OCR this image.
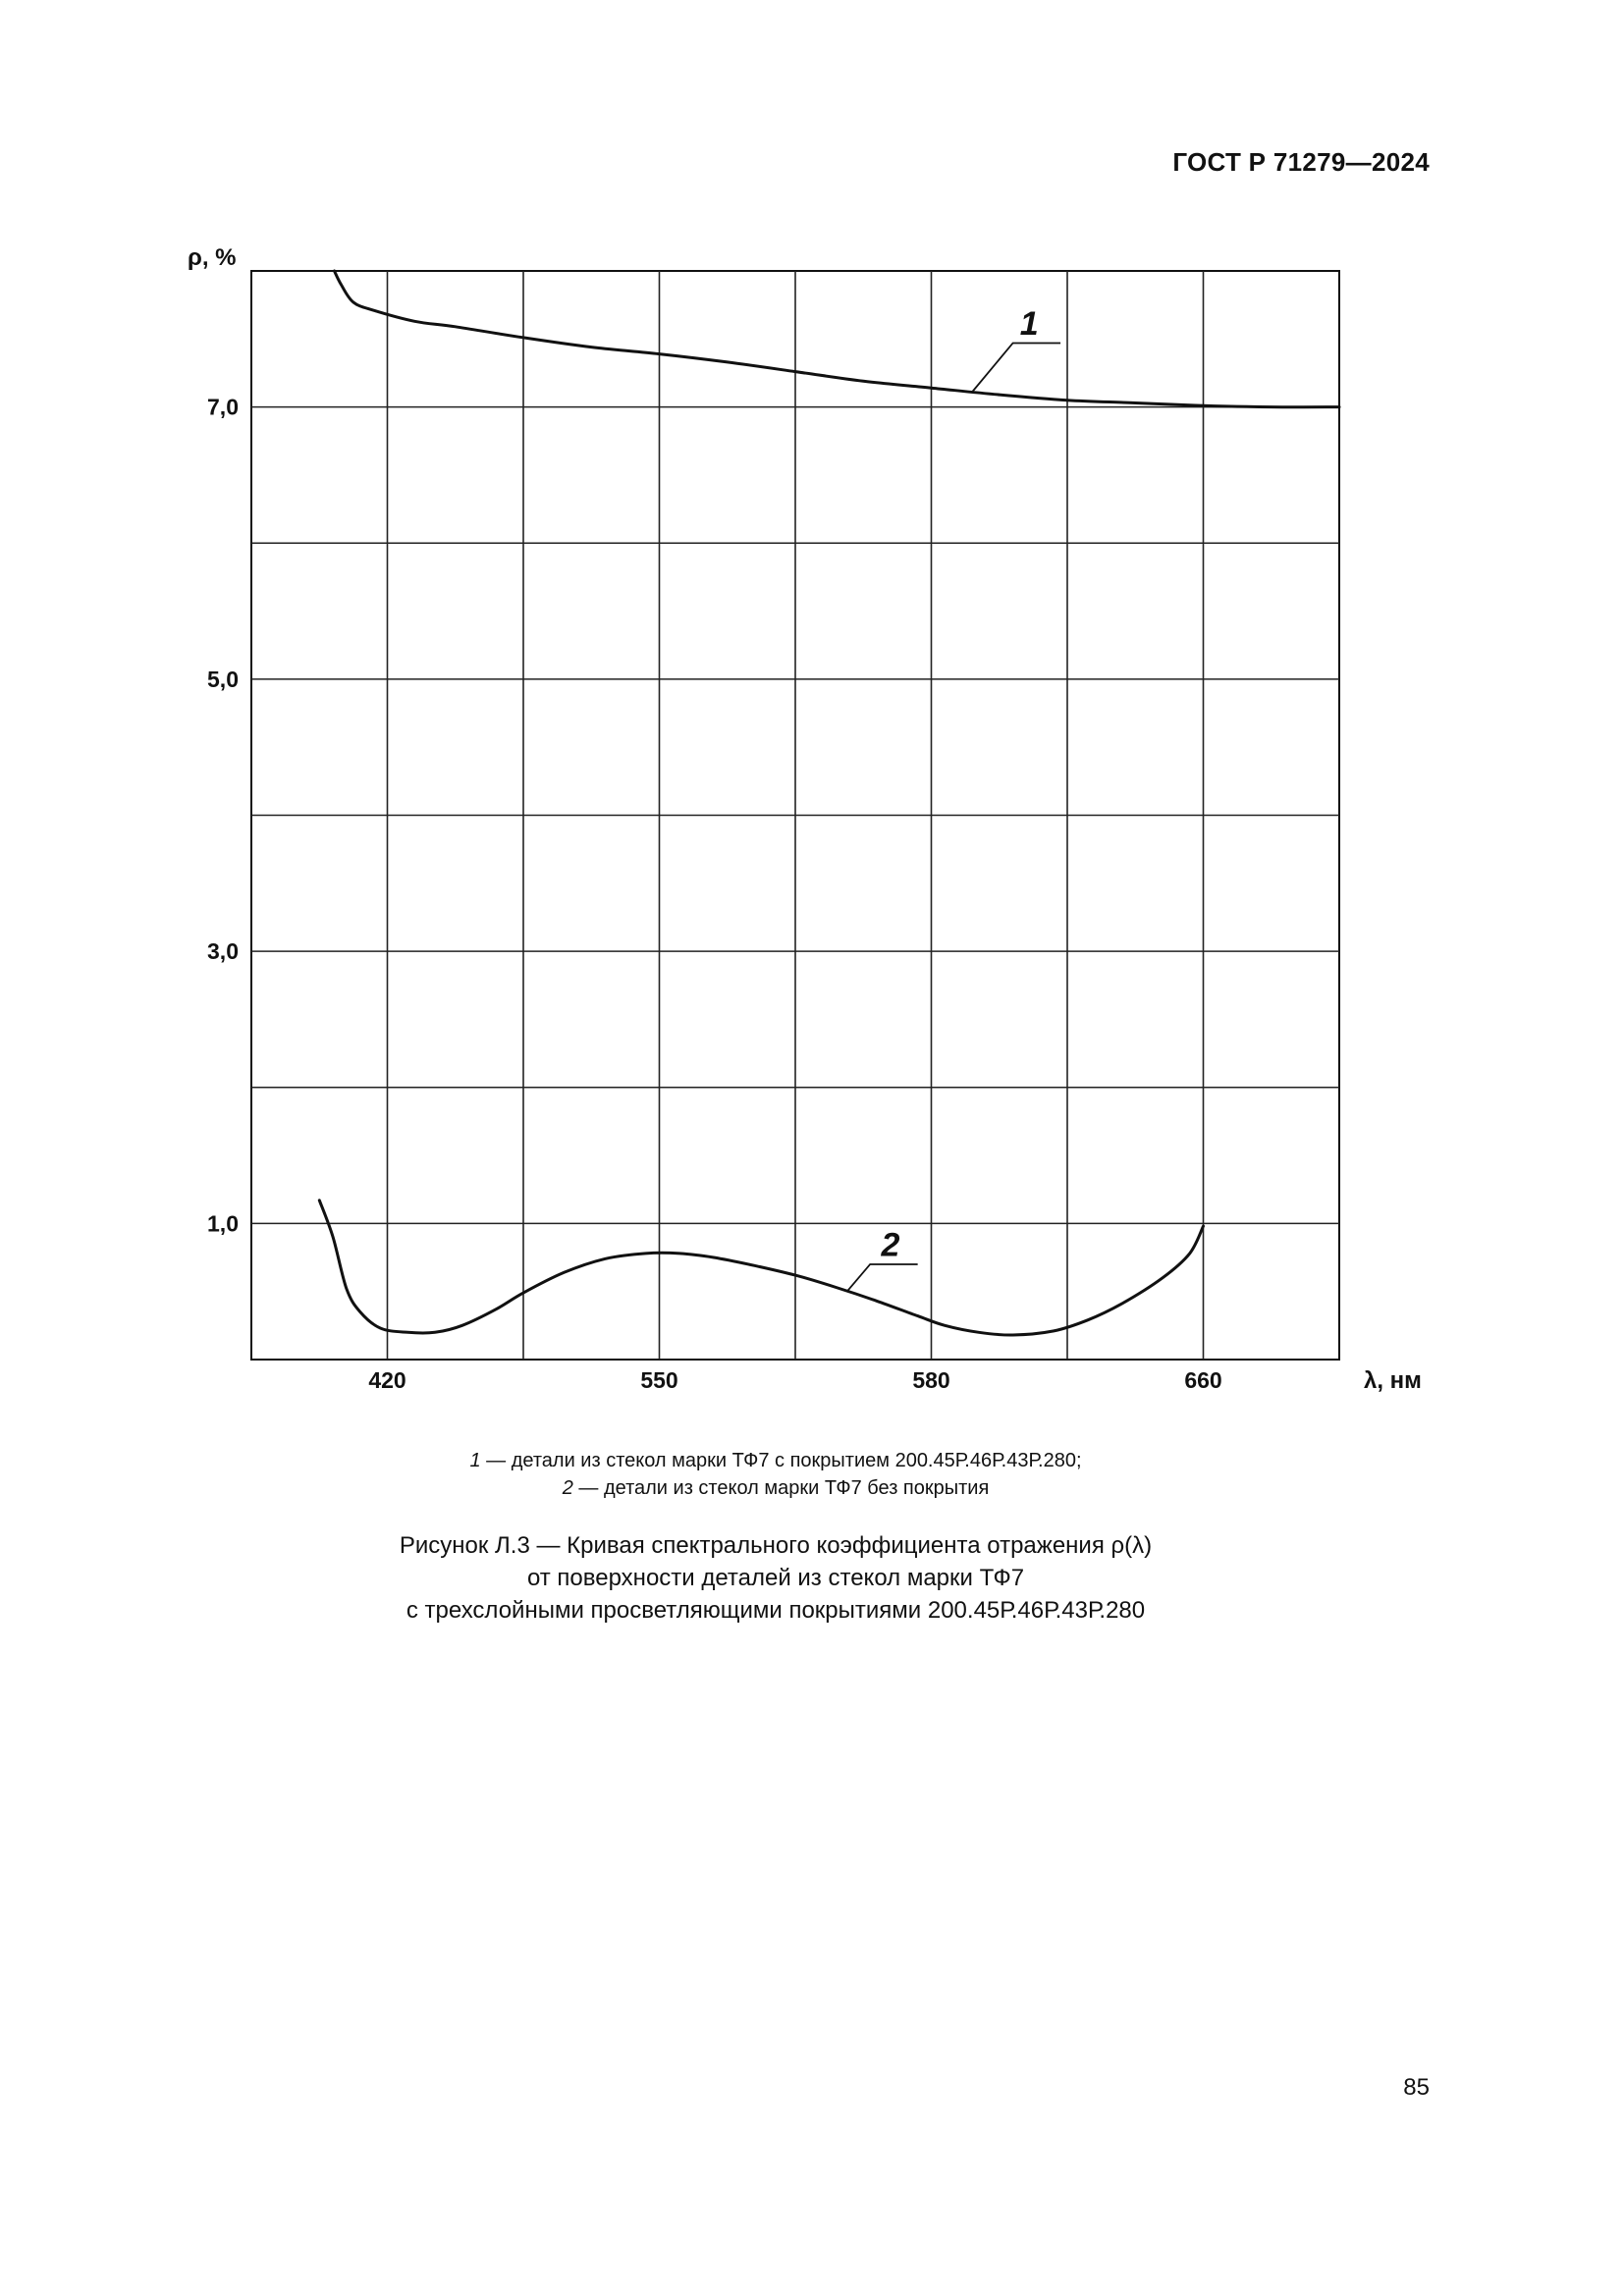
ГОСТ Р 71279—2024
1,0
3,0
5,0
7,0
420	550	580	660
ρ, %
λ, нм
1
2
1 — детали из стекол марки ТФ7 с покрытием 200.45Р.46Р.43Р.280;
2 — детали из стекол марки ТФ7 без покрытия
Рисунок Л.3 — Кривая спектрального коэффициента отражения ρ(λ)
от поверхности деталей из стекол марки ТФ7
с трехслойными просветляющими покрытиями 200.45Р.46Р.43Р.280
85
